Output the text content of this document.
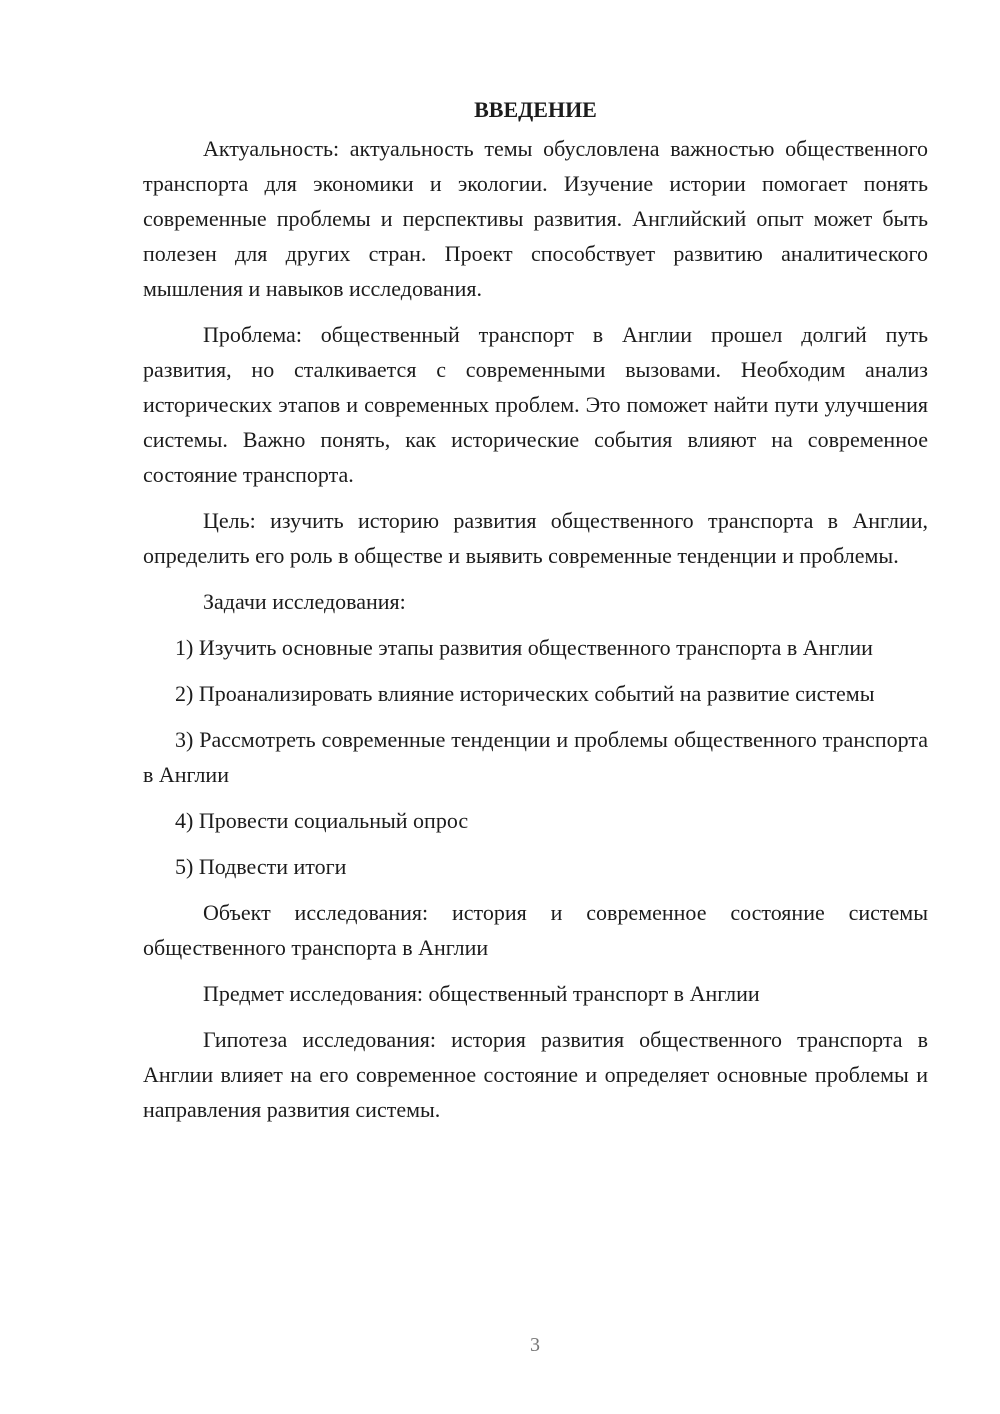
ВВЕДЕНИЕ

Актуальность: актуальность темы обусловлена важностью общественного транспорта для экономики и экологии. Изучение истории помогает понять современные проблемы и перспективы развития. Английский опыт может быть полезен для других стран. Проект способствует развитию аналитического мышления и навыков исследования.

Проблема: общественный транспорт в Англии прошел долгий путь развития, но сталкивается с современными вызовами. Необходим анализ исторических этапов и современных проблем. Это поможет найти пути улучшения системы. Важно понять, как исторические события влияют на современное состояние транспорта.

Цель: изучить историю развития общественного транспорта в Англии, определить его роль в обществе и выявить современные тенденции и проблемы.

Задачи исследования:

1) Изучить основные этапы развития общественного транспорта в Англии

2) Проанализировать влияние исторических событий на развитие системы

3) Рассмотреть современные тенденции и проблемы общественного транспорта в Англии

4) Провести социальный опрос

5) Подвести итоги

Объект исследования: история и современное состояние системы общественного транспорта в Англии

Предмет исследования: общественный транспорт в Англии

Гипотеза исследования: история развития общественного транспорта в Англии влияет на его современное состояние и определяет основные проблемы и направления развития системы.

3
